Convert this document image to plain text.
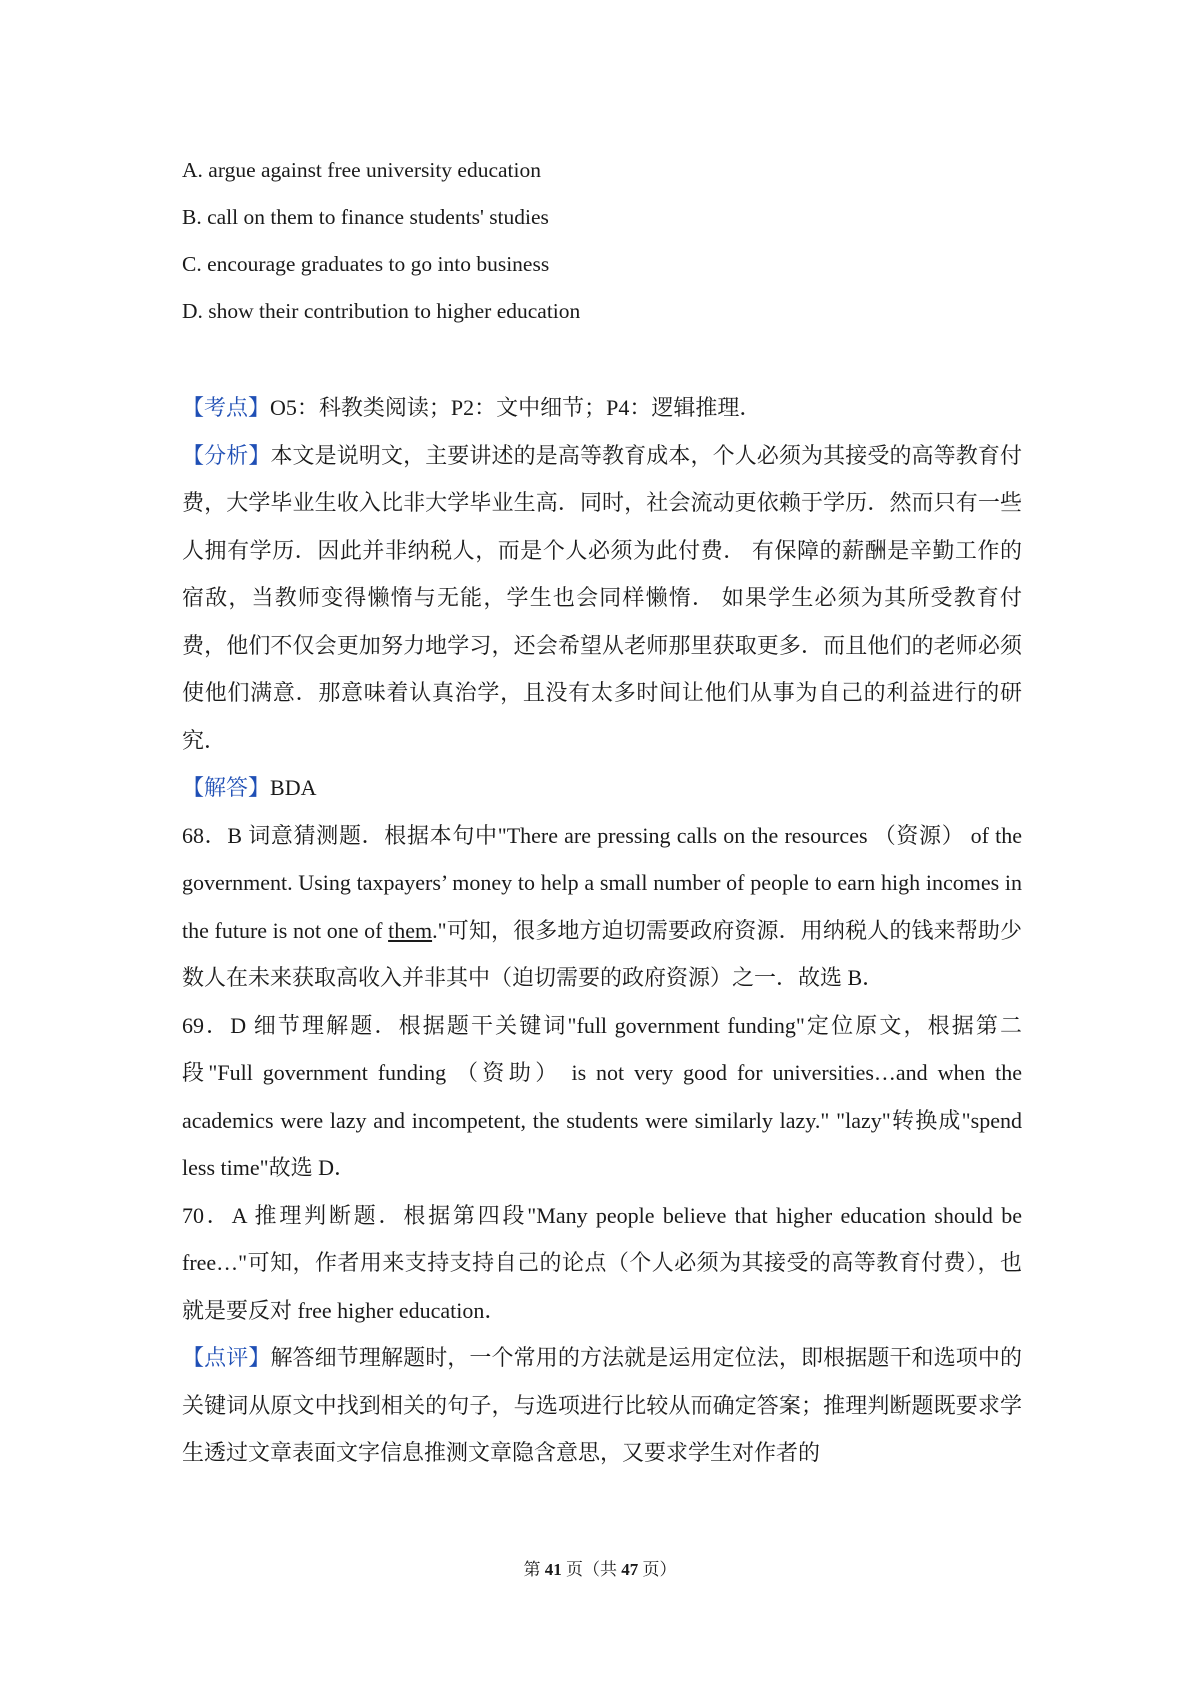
A. argue against free university education
B. call on them to finance students' studies
C. encourage graduates to go into business
D. show their contribution to higher education

【考点】O5：科教类阅读；P2：文中细节；P4：逻辑推理．

【分析】本文是说明文，主要讲述的是高等教育成本，个人必须为其接受的高等教育付费，大学毕业生收入比非大学毕业生高．同时，社会流动更依赖于学历．然而只有一些人拥有学历．因此并非纳税人，而是个人必须为此付费． 有保障的薪酬是辛勤工作的宿敌，当教师变得懒惰与无能，学生也会同样懒惰． 如果学生必须为其所受教育付费，他们不仅会更加努力地学习，还会希望从老师那里获取更多．而且他们的老师必须使他们满意．那意味着认真治学，且没有太多时间让他们从事为自己的利益进行的研究．

【解答】BDA

68．B 词意猜测题．根据本句中"There are pressing calls on the resources （资源） of the government. Using taxpayers’ money to help a small number of people to earn high incomes in the future is not one of them."可知，很多地方迫切需要政府资源．用纳税人的钱来帮助少数人在未来获取高收入并非其中（迫切需要的政府资源）之一．故选 B．

69．D 细节理解题．根据题干关键词"full government funding"定位原文，根据第二段"Full government funding （资助） is not very good for universities…and when the academics were lazy and incompetent, the students were similarly lazy." "lazy"转换成"spend less time"故选 D．

70．A 推理判断题．根据第四段"Many people believe that higher education should be free…"可知，作者用来支持支持自己的论点（个人必须为其接受的高等教育付费），也就是要反对 free higher education．

【点评】解答细节理解题时，一个常用的方法就是运用定位法，即根据题干和选项中的关键词从原文中找到相关的句子，与选项进行比较从而确定答案；推理判断题既要求学生透过文章表面文字信息推测文章隐含意思，又要求学生对作者的

第 41 页（共 47 页）
